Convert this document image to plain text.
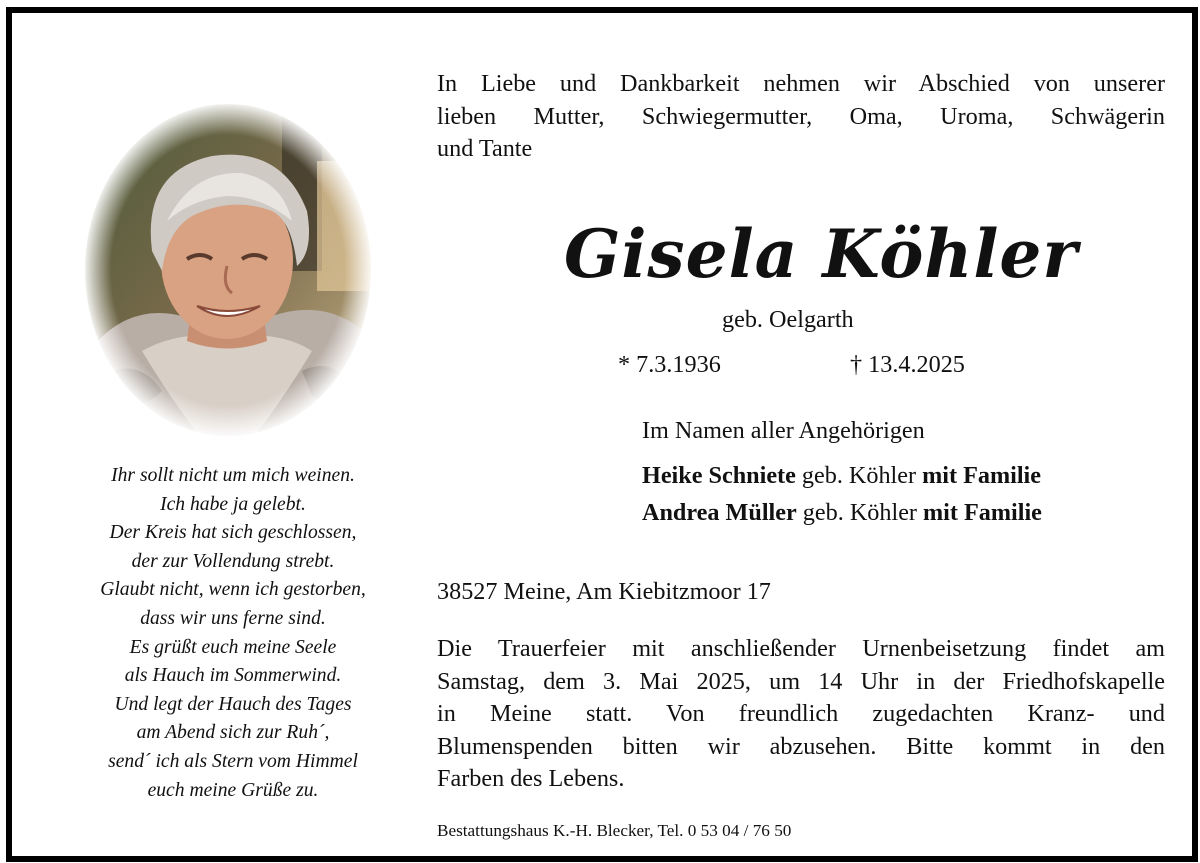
Ihr sollt nicht um mich weinen.
Ich habe ja gelebt.
Der Kreis hat sich geschlossen,
der zur Vollendung strebt.
Glaubt nicht, wenn ich gestorben,
dass wir uns ferne sind.
Es grüßt euch meine Seele
als Hauch im Sommerwind.
Und legt der Hauch des Tages
am Abend sich zur Ruh´,
send´ ich als Stern vom Himmel
euch meine Grüße zu.
In Liebe und Dankbarkeit nehmen wir Abschied von unserer
lieben Mutter, Schwiegermutter, Oma, Uroma, Schwägerin
und Tante
Gisela Köhler
geb. Oelgarth
* 7.3.1936	† 13.4.2025
Im Namen aller Angehörigen
Heike Schniete geb. Köhler mit Familie
Andrea Müller geb. Köhler mit Familie
38527 Meine, Am Kiebitzmoor 17
Die Trauerfeier mit anschließender Urnenbeisetzung findet am
Samstag, dem 3. Mai 2025, um 14 Uhr in der Friedhofskapelle
in Meine statt. Von freundlich zugedachten Kranz- und
Blumenspenden bitten wir abzusehen. Bitte kommt in den
Farben des Lebens.
Bestattungshaus K.-H. Blecker, Tel. 0 53 04 / 76 50
